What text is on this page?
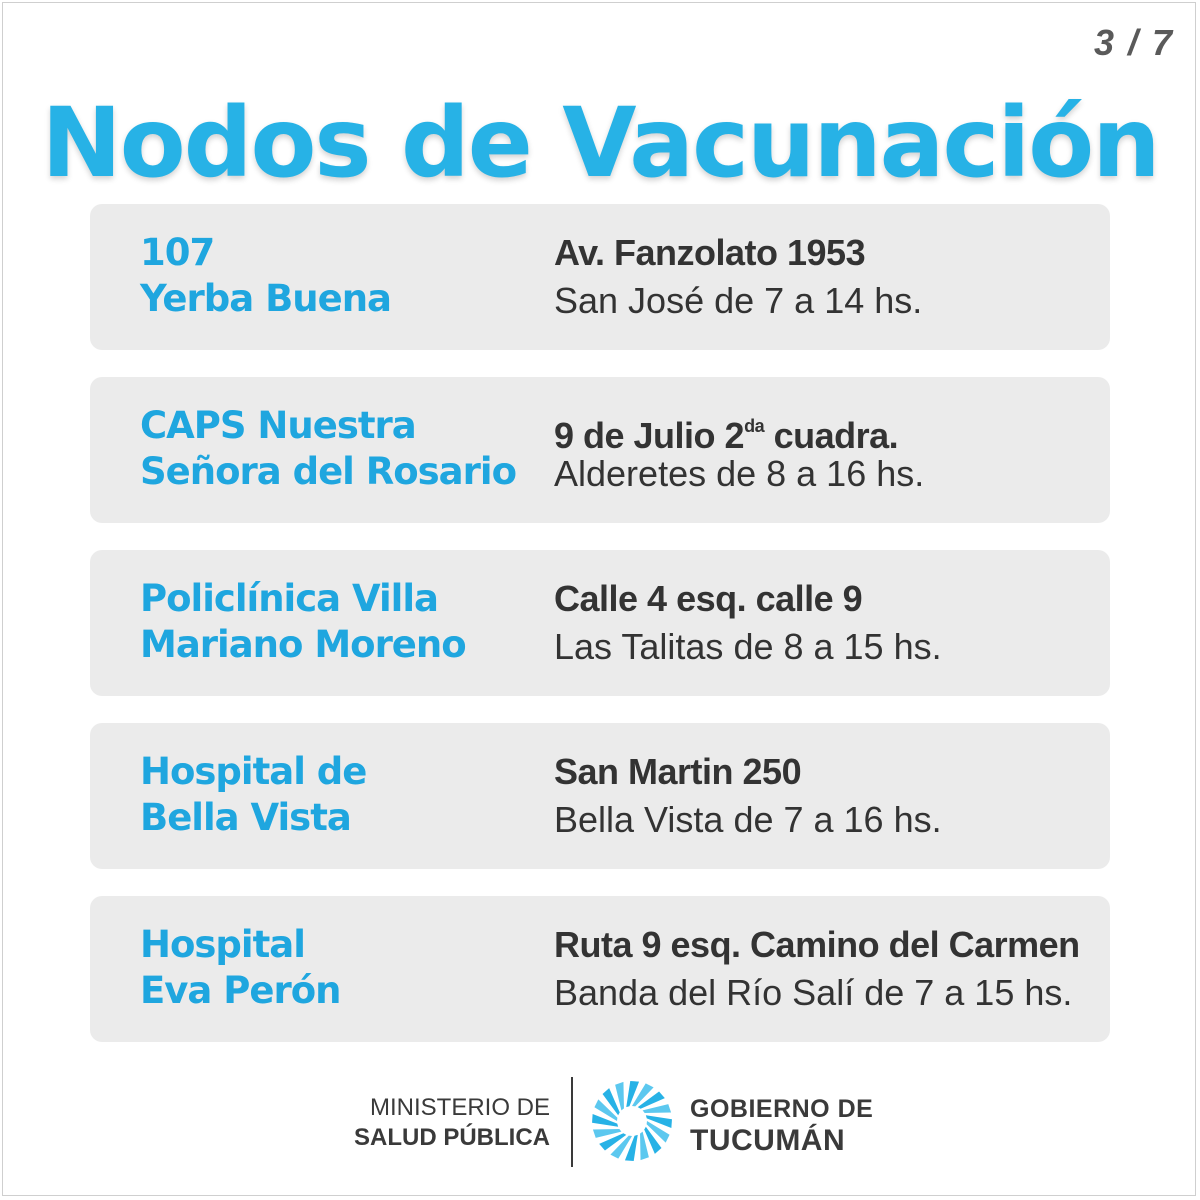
3 / 7
Nodos de Vacunación
107
Yerba Buena
Av. Fanzolato 1953
San José de 7 a 14 hs.
CAPS Nuestra
Señora del Rosario
9 de Julio $2^{da}$ cuadra.
Alderetes de 8 a 16 hs.
Policlínica Villa
Mariano Moreno
Calle 4 esq. calle 9
Las Talitas de 8 a 15 hs.
Hospital de
Bella Vista
San Martin 250
Bella Vista de 7 a 16 hs.
Hospital
Eva Perón
Ruta 9 esq. Camino del Carmen
Banda del Río Salí de 7 a 15 hs.
MINISTERIO DE
SALUD PÚBLICA
GOBIERNO DE
TUCUMÁN
